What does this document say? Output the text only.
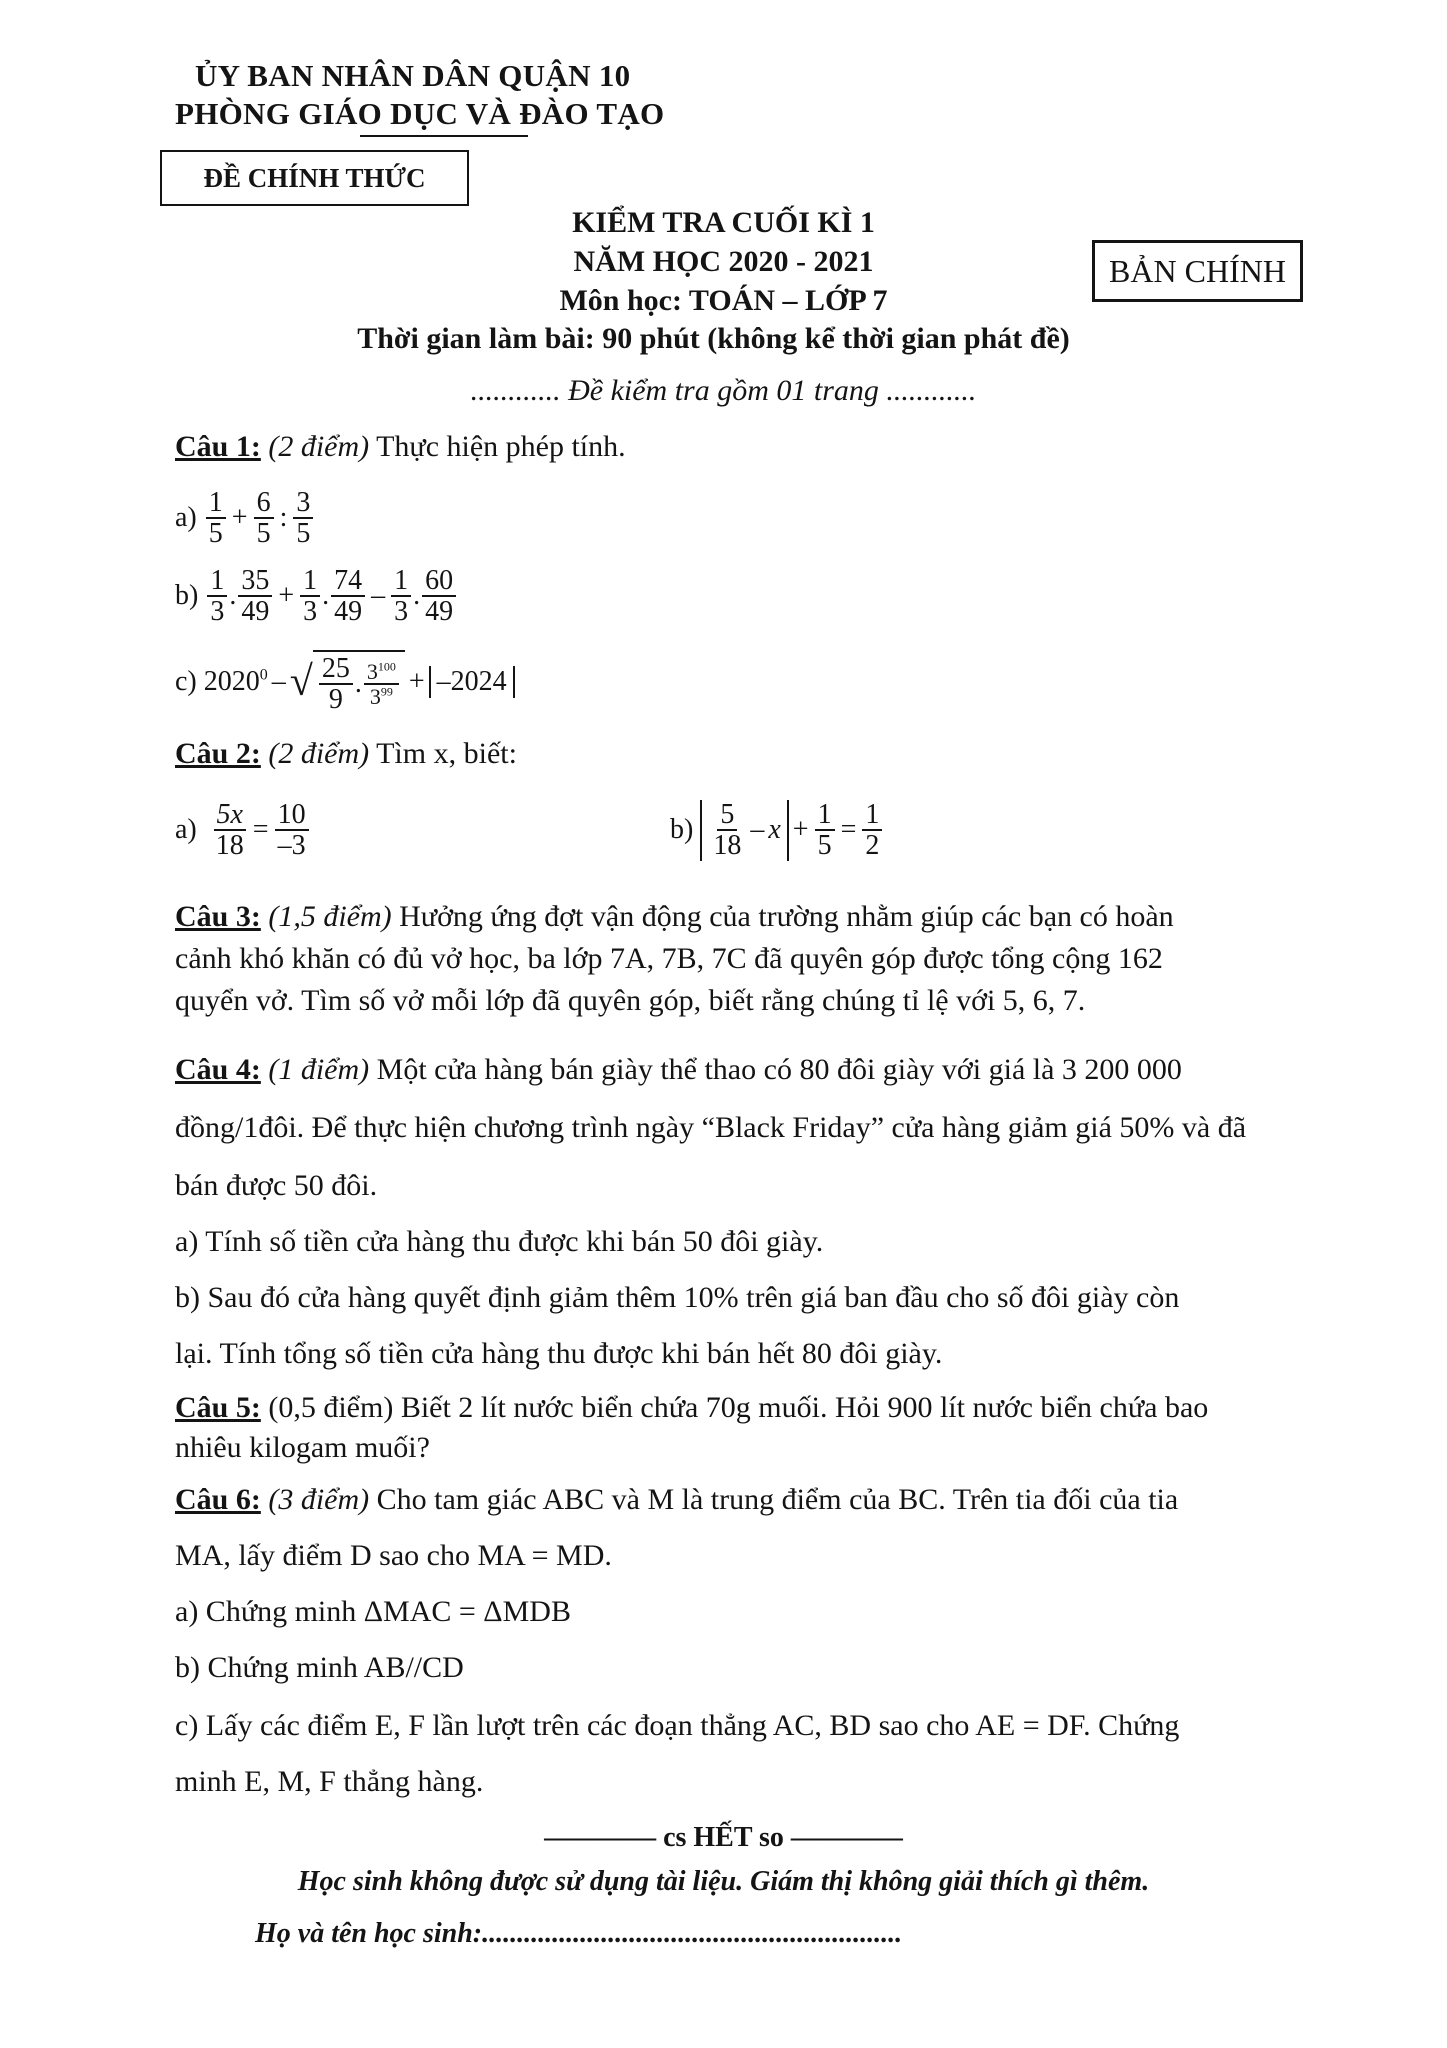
ỦY BAN NHÂN DÂN QUẬN 10
PHÒNG GIÁO DỤC VÀ ĐÀO TẠO
ĐỀ CHÍNH THỨC
BẢN CHÍNH
KIỂM TRA CUỐI KÌ 1
NĂM HỌC 2020 - 2021
Môn học: TOÁN – LỚP 7
Thời gian làm bài: 90 phút (không kể thời gian phát đề)
............ Đề kiểm tra gồm 01 trang ............
Câu 1: (2 điểm) Thực hiện phép tính.
a)
$\frac{1}{5} + \frac{6}{5}$ : $\frac{3}{5}$
b)
$\frac{1}{3}$ . $\frac{35}{49} + \frac{1}{3}$ . $\frac{74}{49} - \frac{1}{3}$ . $\frac{60}{49}$
c)
2020$^0$ – √ $\frac{25}{9}$ . $\frac{3^{100}}{3^{99}} + -2024$
Câu 2: (2 điểm) Tìm x, biết:
a)
$\frac{5x}{18} = \frac{10}{-3}$	b)
$\frac{5}{18} - x + \frac{1}{5} = \frac{1}{2}$
Câu 3: (1,5 điểm) Hưởng ứng đợt vận động của trường nhằm giúp các bạn có hoàn
cảnh khó khăn có đủ vở học, ba lớp 7A, 7B, 7C đã quyên góp được tổng cộng 162
quyển vở. Tìm số vở mỗi lớp đã quyên góp, biết rằng chúng tỉ lệ với 5, 6, 7.
Câu 4: (1 điểm) Một cửa hàng bán giày thể thao có 80 đôi giày với giá là 3 200 000
đồng/1đôi. Để thực hiện chương trình ngày “Black Friday” cửa hàng giảm giá 50% và đã
bán được 50 đôi.
a) Tính số tiền cửa hàng thu được khi bán 50 đôi giày.
b) Sau đó cửa hàng quyết định giảm thêm 10% trên giá ban đầu cho số đôi giày còn
lại. Tính tổng số tiền cửa hàng thu được khi bán hết 80 đôi giày.
Câu 5: (0,5 điểm) Biết 2 lít nước biển chứa 70g muối. Hỏi 900 lít nước biển chứa bao
nhiêu kilogam muối?
Câu 6: (3 điểm) Cho tam giác ABC và M là trung điểm của BC. Trên tia đối của tia
MA, lấy điểm D sao cho MA = MD.
a) Chứng minh ΔMAC = ΔMDB
b) Chứng minh AB//CD
c) Lấy các điểm E, F lần lượt trên các đoạn thẳng AC, BD sao cho AE = DF. Chứng
minh E, M, F thẳng hàng.
———— cs HẾT so ————
Học sinh không được sử dụng tài liệu. Giám thị không giải thích gì thêm.
Họ và tên học sinh:............................................................
